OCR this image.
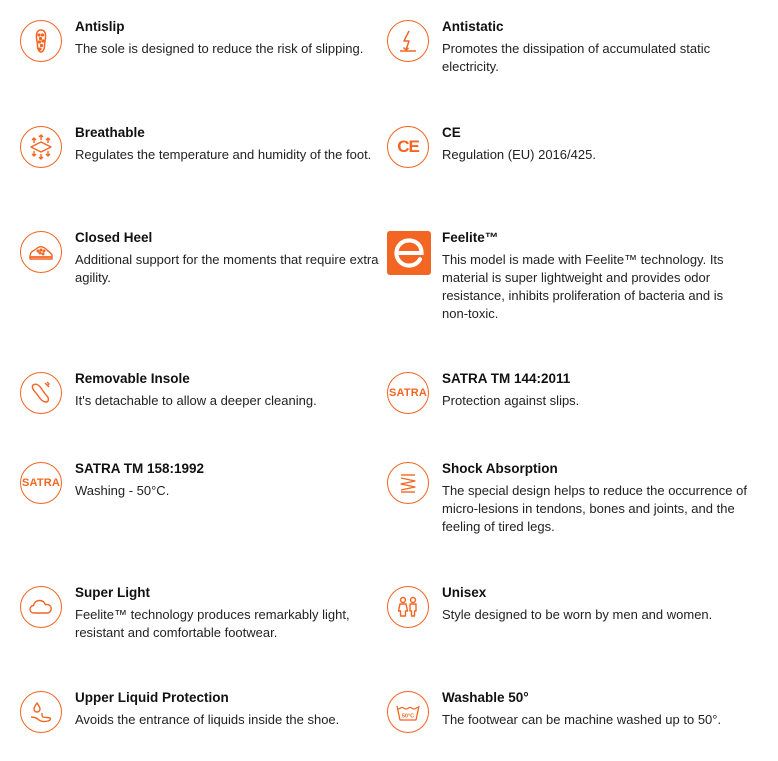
Antislip

The sole is designed to reduce the risk of slipping.

Antistatic

Promotes the dissipation of accumulated static electricity.

Breathable

Regulates the temperature and humidity of the foot.	CE

CE

Regulation (EU) 2016/425.

Closed Heel

Additional support for the moments that require extra agility.

Feelite™

This model is made with Feelite™ technology. Its material is super lightweight and provides odor resistance, inhibits proliferation of bacteria and is non-toxic.

Removable Insole

It's detachable to allow a deeper cleaning.	SATRA

SATRA TM 144:2011

Protection against slips.

SATRA

SATRA TM 158:1992

Washing - 50°C.

Shock Absorption

The special design helps to reduce the occurrence of micro-lesions in tendons, bones and joints, and the feeling of tired legs.

Super Light

Feelite™ technology produces remarkably light, resistant and comfortable footwear.

Unisex

Style designed to be worn by men and women.

Upper Liquid Protection

Avoids the entrance of liquids inside the shoe.	50°C

Washable 50°

The footwear can be machine washed up to 50°.
